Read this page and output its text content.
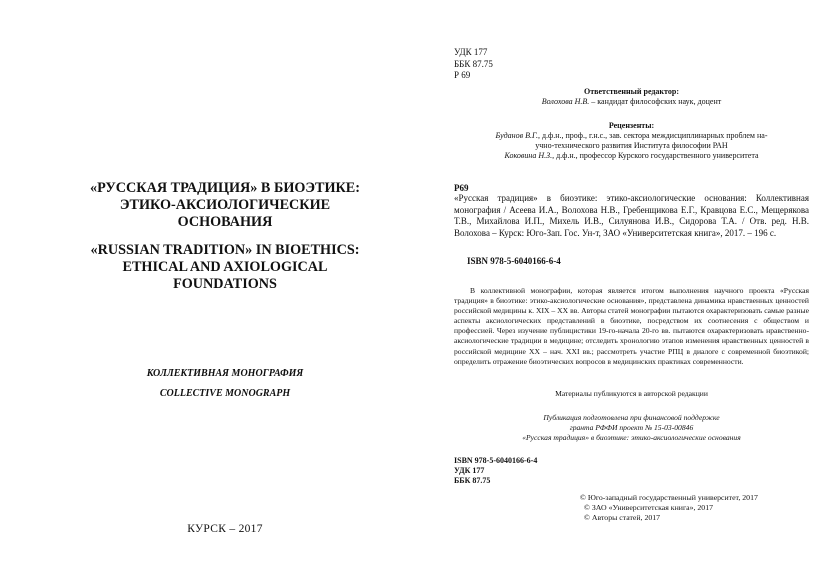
«РУССКАЯ ТРАДИЦИЯ» В БИОЭТИКЕ:
ЭТИКО-АКСИОЛОГИЧЕСКИЕ
ОСНОВАНИЯ
«RUSSIAN TRADITION» IN BIOETHICS:
ETHICAL AND AXIOLOGICAL
FOUNDATIONS
КОЛЛЕКТИВНАЯ МОНОГРАФИЯ
COLLECTIVE MONOGRAPH
КУРСК – 2017
УДК 177
ББК 87.75
Р 69
Ответственный редактор:
Волохова Н.В. – кандидат философских наук, доцент
Рецензенты:
Буданов В.Г., д.ф.н., проф., г.н.с., зав. сектора междисциплинарных проблем на-
учно-технического развития Института философии РАН
Коковина Н.З., д.ф.н., профессор Курского государственного университета
Р69
«Русская традиция» в биоэтике: этико-аксиологические основания: Коллективная монография / Асеева И.А., Волохова Н.В., Гребенщикова Е.Г., Кравцова Е.С., Мещерякова Т.В., Михайлова И.П., Михель И.В., Силуянова И.В., Сидорова Т.А. / Отв. ред. Н.В. Волохова – Курск: Юго-Зап. Гос. Ун-т, ЗАО «Университетская книга», 2017. – 196 с.
ISBN 978-5-6040166-6-4

В коллективной монографии, которая является итогом выполнения научного проекта «Русская традиция» в биоэтике: этико-аксиологические основания», представлена динамика нравственных ценностей российской медицины к. XIX – XX вв. Авторы статей монографии пытаются охарактеризовать самые разные аспекты аксиологических представлений в биоэтике, посредством их соотнесения с обществом и профессией. Через изучение публицистики 19-го-начала 20-го вв. пытаются охарактеризовать нравственно-аксиологические традиции в медицине; отследить хронологию этапов изменения нравственных ценностей в российской медицине XX – нач. XXI вв.; рассмотреть участие РПЦ в диалоге с современной биоэтикой; определить отражение биоэтических вопросов в медицинских практиках современности.

Материалы публикуются в авторской редакции
Публикация подготовлена при финансовой поддержке
гранта РФФИ проект № 15-03-00846
«Русская традиция» в биоэтике: этико-аксиологические основания
ISBN 978-5-6040166-6-4
УДК 177
ББК 87.75
© Юго-западный государственный университет, 2017
© ЗАО «Университетская книга», 2017
© Авторы статей, 2017
